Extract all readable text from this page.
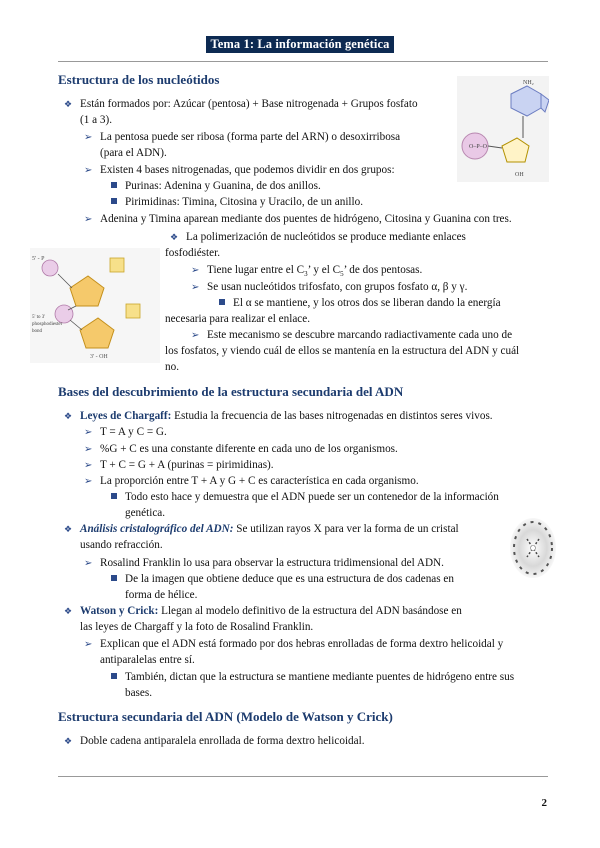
Tema 1: La información genética
Estructura de los nucleótidos
O–P–O
NH₂
OH
❖ Están formados por: Azúcar (pentosa) + Base nitrogenada + Grupos fosfato
(1 a 3).
➢ La pentosa puede ser ribosa (forma parte del ARN) o desoxirribosa
(para el ADN).
➢ Existen 4 bases nitrogenadas, que podemos dividir en dos grupos:
Purinas: Adenina y Guanina, de dos anillos.
Pirimidinas: Timina, Citosina y Uracilo, de un anillo.
➢ Adenina y Timina aparean mediante dos puentes de hidrógeno, Citosina y Guanina con tres.
5' - P
5' to 3'
phosphodiester
bond
3' - OH
❖ La polimerización de nucleótidos se produce mediante enlaces
fosfodiéster.
➢ Tiene lugar entre el $C_3$’ y el $C_5$’ de dos pentosas.
➢ Se usan nucleótidos trifosfato, con grupos fosfato α, β y γ.
El α se mantiene, y los otros dos se liberan dando la energía
necesaria para realizar el enlace.
➢ Este mecanismo se descubre marcando radiactivamente cada uno de
los fosfatos, y viendo cuál de ellos se mantenía en la estructura del ADN y cuál
no.
Bases del descubrimiento de la estructura secundaria del ADN
❖ Leyes de Chargaff: Estudia la frecuencia de las bases nitrogenadas en distintos seres vivos.
➢ T = A y C = G.
➢ %G + C es una constante diferente en cada uno de los organismos.
➢ T + C = G + A (purinas = pirimidinas).
➢ La proporción entre T + A y G + C es característica en cada organismo.
Todo esto hace y demuestra que el ADN puede ser un contenedor de la información
genética.
❖ Análisis cristalográfico del ADN: Se utilizan rayos X para ver la forma de un cristal
usando refracción.
➢ Rosalind Franklin lo usa para observar la estructura tridimensional del ADN.
De la imagen que obtiene deduce que es una estructura de dos cadenas en
forma de hélice.
❖ Watson y Crick: Llegan al modelo definitivo de la estructura del ADN basándose en
las leyes de Chargaff y la foto de Rosalind Franklin.
➢ Explican que el ADN está formado por dos hebras enrolladas de forma dextro helicoidal y
antiparalelas entre sí.
También, dictan que la estructura se mantiene mediante puentes de hidrógeno entre sus
bases.
Estructura secundaria del ADN (Modelo de Watson y Crick)
❖ Doble cadena antiparalela enrollada de forma dextro helicoidal.
2
